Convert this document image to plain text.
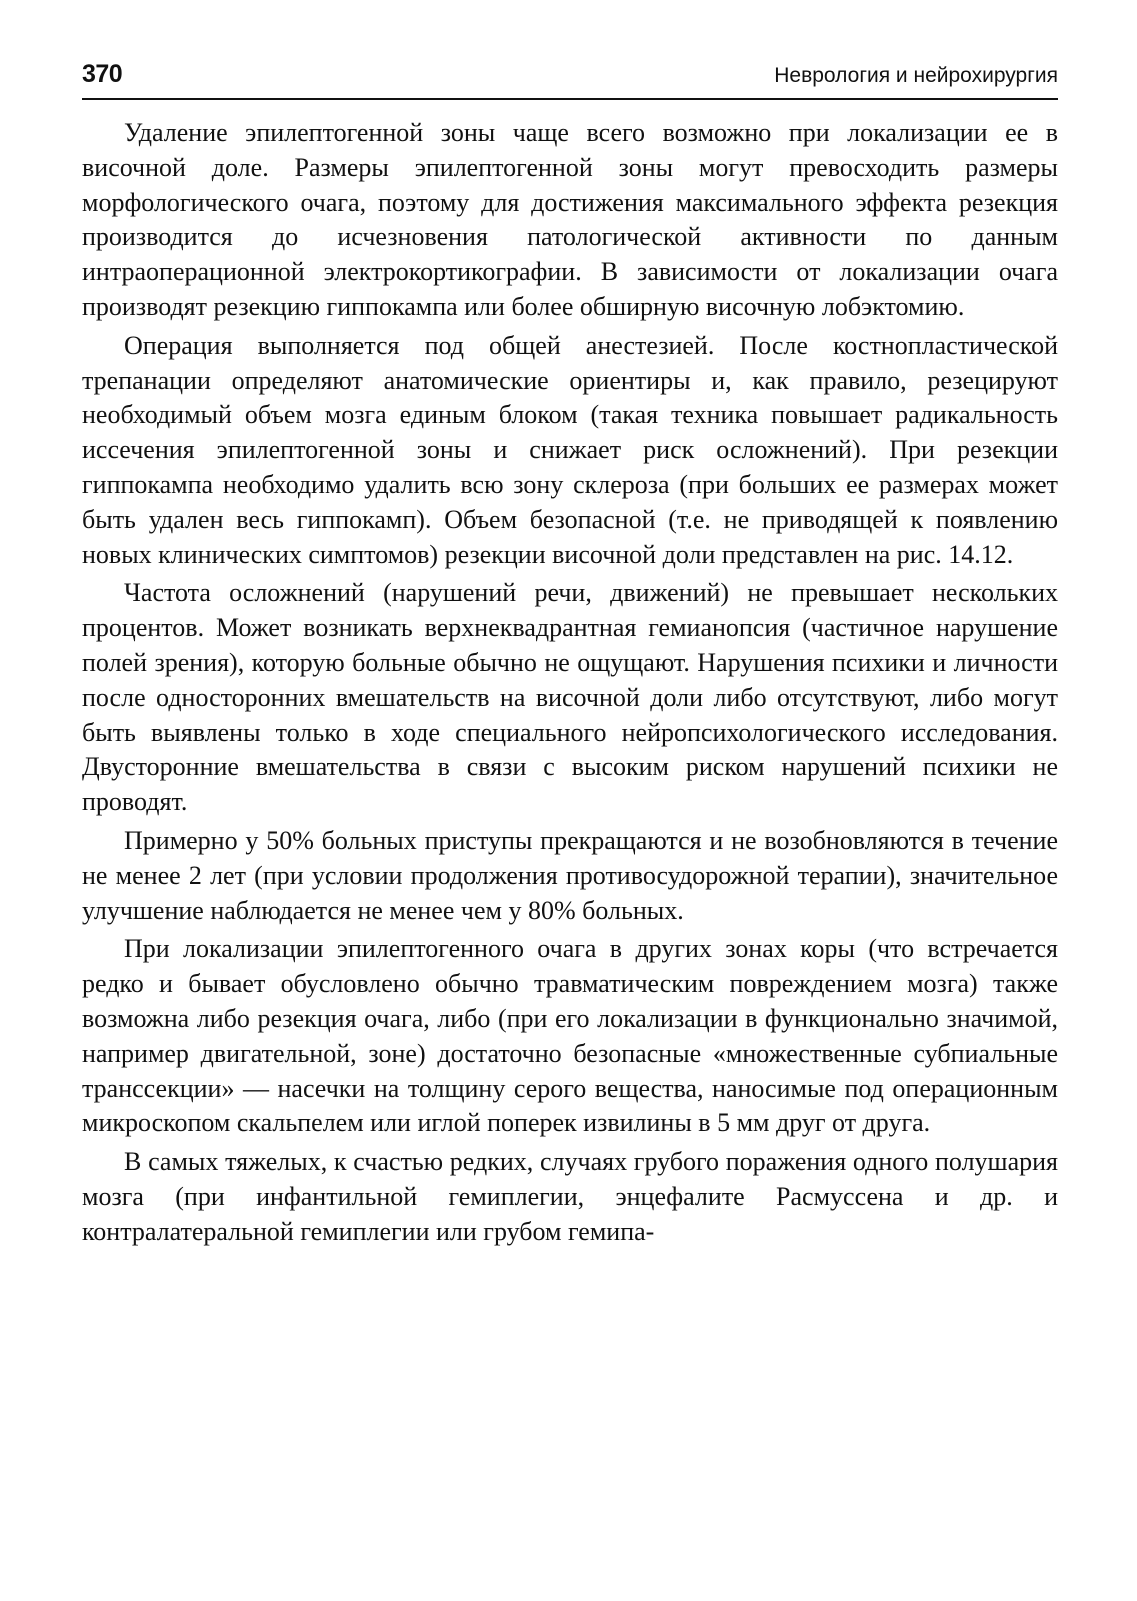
370	Неврология и нейрохирургия

Удаление эпилептогенной зоны чаще всего возможно при локализации ее в височной доле. Размеры эпилептогенной зоны могут превосходить размеры морфологического очага, поэтому для достижения максимального эффекта резекция производится до исчезновения патологической активности по данным интраоперационной электрокортикографии. В зависимости от локализации очага производят резекцию гиппокампа или более обширную височную лобэктомию.

Операция выполняется под общей анестезией. После костнопластической трепанации определяют анатомические ориентиры и, как правило, резецируют необходимый объем мозга единым блоком (такая техника повышает радикальность иссечения эпилептогенной зоны и снижает риск осложнений). При резекции гиппокампа необходимо удалить всю зону склероза (при больших ее размерах может быть удален весь гиппокамп). Объем безопасной (т.е. не приводящей к появлению новых клинических симптомов) резекции височной доли представлен на рис. 14.12.

Частота осложнений (нарушений речи, движений) не превышает нескольких процентов. Может возникать верхнеквадрантная гемианопсия (частичное нарушение полей зрения), которую больные обычно не ощущают. Нарушения психики и личности после односторонних вмешательств на височной доли либо отсутствуют, либо могут быть выявлены только в ходе специального нейропсихологического исследования. Двусторонние вмешательства в связи с высоким риском нарушений психики не проводят.

Примерно у 50% больных приступы прекращаются и не возобновляются в течение не менее 2 лет (при условии продолжения противосудорожной терапии), значительное улучшение наблюдается не менее чем у 80% больных.

При локализации эпилептогенного очага в других зонах коры (что встречается редко и бывает обусловлено обычно травматическим повреждением мозга) также возможна либо резекция очага, либо (при его локализации в функционально значимой, например двигательной, зоне) достаточно безопасные «множественные субпиальные транссекции» — насечки на толщину серого вещества, наносимые под операционным микроскопом скальпелем или иглой поперек извилины в 5 мм друг от друга.

В самых тяжелых, к счастью редких, случаях грубого поражения одного полушария мозга (при инфантильной гемиплегии, энцефалите Расмуссена и др. и контралатеральной гемиплегии или грубом гемипа-
